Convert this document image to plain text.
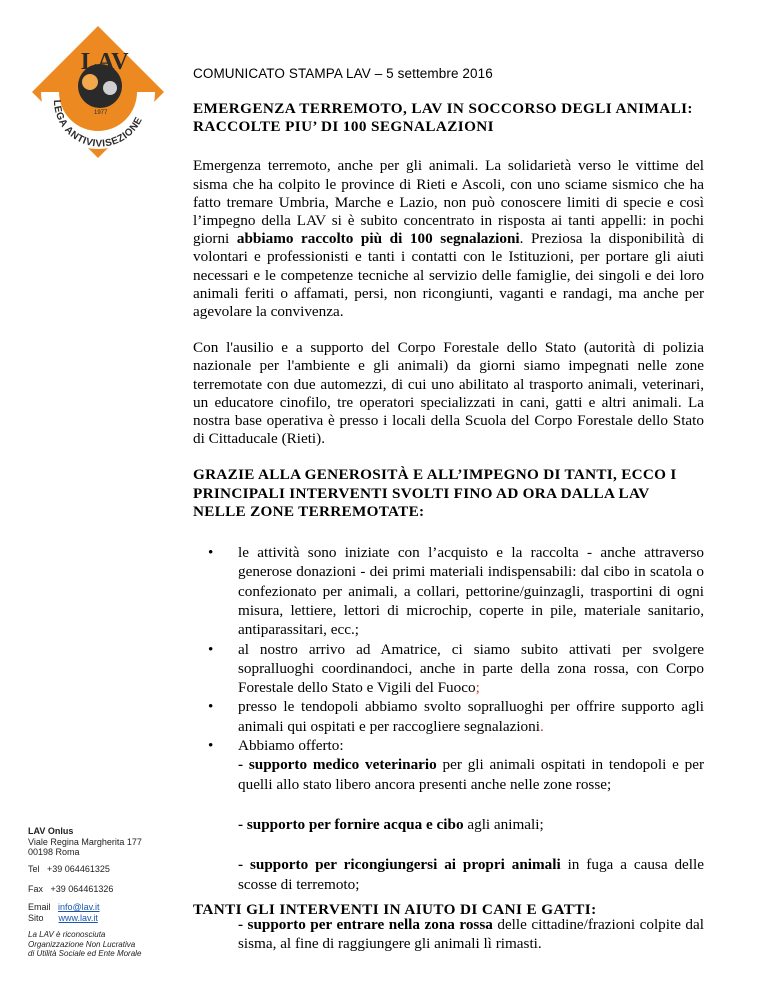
LAV
1977
LEGA ANTIVIVISEZIONE
COMUNICATO STAMPA LAV – 5 settembre 2016
EMERGENZA TERREMOTO, LAV IN SOCCORSO DEGLI ANIMALI: RACCOLTE PIU’ DI 100 SEGNALAZIONI

Emergenza terremoto, anche per gli animali. La solidarietà verso le vittime del sisma che ha colpito le province di Rieti e Ascoli, con uno sciame sismico che ha fatto tremare Umbria, Marche e Lazio, non può conoscere limiti di specie e così l’impegno della LAV si è subito concentrato in risposta ai tanti appelli: in pochi giorni abbiamo raccolto più di 100 segnalazioni. Preziosa la disponibilità di volontari e professionisti e tanti i contatti con le Istituzioni, per portare gli aiuti necessari e le competenze tecniche al servizio delle famiglie, dei singoli e dei loro animali feriti o affamati, persi, non ricongiunti, vaganti e randagi, ma anche per agevolare la convivenza.

Con l'ausilio e a supporto del Corpo Forestale dello Stato (autorità di polizia nazionale per l'ambiente e gli animali) da giorni siamo impegnati nelle zone terremotate con due automezzi, di cui uno abilitato al trasporto animali, veterinari, un educatore cinofilo, tre operatori specializzati in cani, gatti e altri animali. La nostra base operativa è presso i locali della Scuola del Corpo Forestale dello Stato di Cittaducale (Rieti).

GRAZIE ALLA GENEROSITÀ E ALL’IMPEGNO DI TANTI, ECCO I PRINCIPALI INTERVENTI SVOLTI FINO AD ORA DALLA LAV NELLE ZONE TERREMOTATE:
• le attività sono iniziate con l’acquisto e la raccolta - anche attraverso generose donazioni - dei primi materiali indispensabili: dal cibo in scatola o confezionato per animali, a collari, pettorine/guinzagli, trasportini di ogni misura, lettiere, lettori di microchip, coperte in pile, materiale sanitario, antiparassitari, ecc.;
• al nostro arrivo ad Amatrice, ci siamo subito attivati per svolgere sopralluoghi coordinandoci, anche in parte della zona rossa, con Corpo Forestale dello Stato e Vigili del Fuoco;
• presso le tendopoli abbiamo svolto sopralluoghi per offrire supporto agli animali qui ospitati e per raccogliere segnalazioni.
• Abbiamo offerto:
- supporto medico veterinario per gli animali ospitati in tendopoli e per quelli allo stato libero ancora presenti anche nelle zone rosse;
- supporto per fornire acqua e cibo agli animali;
- supporto per ricongiungersi ai propri animali in fuga a causa delle scosse di terremoto;
- supporto per entrare nella zona rossa delle cittadine/frazioni colpite dal sisma, al fine di raggiungere gli animali lì rimasti.
TANTI GLI INTERVENTI IN AIUTO DI CANI E GATTI:
LAV Onlus
Viale Regina Margherita 177
00198 Roma
Tel +39 064461325
Fax +39 064461326
Email info@lav.it
Sito www.lav.it
La LAV è riconosciuta
Organizzazione Non Lucrativa
di Utilità Sociale ed Ente Morale
